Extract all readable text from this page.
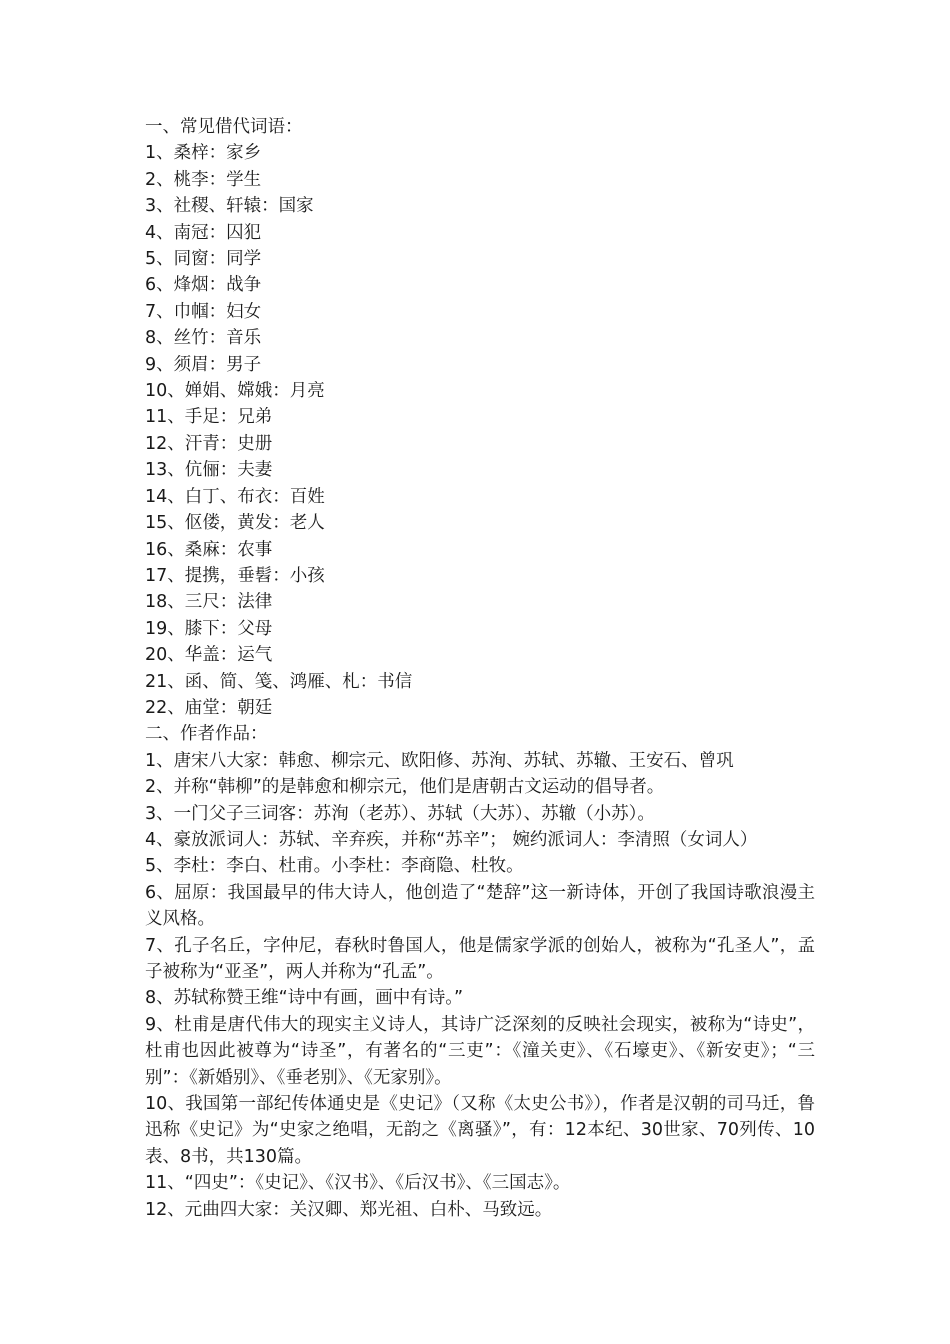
一、常见借代词语：
1、桑梓：家乡
2、桃李：学生
3、社稷、轩辕：国家
4、南冠：囚犯
5、同窗：同学
6、烽烟：战争
7、巾帼：妇女
8、丝竹：音乐
9、须眉：男子
10、婵娟、嫦娥：月亮
11、手足：兄弟
12、汗青：史册
13、伉俪：夫妻
14、白丁、布衣：百姓
15、伛偻，黄发：老人
16、桑麻：农事
17、提携，垂髫：小孩
18、三尺：法律
19、膝下：父母
20、华盖：运气
21、函、简、笺、鸿雁、札：书信
22、庙堂：朝廷
二、作者作品：
1、唐宋八大家：韩愈、柳宗元、欧阳修、苏洵、苏轼、苏辙、王安石、曾巩
2、并称“韩柳”的是韩愈和柳宗元，他们是唐朝古文运动的倡导者。
3、一门父子三词客：苏洵（老苏）、苏轼（大苏）、苏辙（小苏）。
4、豪放派词人：苏轼、辛弃疾，并称“苏辛”； 婉约派词人：李清照（女词人）
5、李杜：李白、杜甫。小李杜：李商隐、杜牧。
6、屈原：我国最早的伟大诗人，他创造了“楚辞”这一新诗体，开创了我国诗歌浪漫主义风格。
7、孔子名丘，字仲尼，春秋时鲁国人，他是儒家学派的创始人，被称为“孔圣人”，孟子被称为“亚圣”，两人并称为“孔孟”。
8、苏轼称赞王维“诗中有画，画中有诗。”
9、杜甫是唐代伟大的现实主义诗人，其诗广泛深刻的反映社会现实，被称为“诗史”，杜甫也因此被尊为“诗圣”，有著名的“三吏”：《潼关吏》、《石壕吏》、《新安吏》；“三别”：《新婚别》、《垂老别》、《无家别》。
10、我国第一部纪传体通史是《史记》（又称《太史公书》），作者是汉朝的司马迁，鲁迅称《史记》为“史家之绝唱，无韵之《离骚》”，有：12本纪、30世家、70列传、10表、8书，共130篇。
11、“四史”：《史记》、《汉书》、《后汉书》、《三国志》。
12、元曲四大家：关汉卿、郑光祖、白朴、马致远。
